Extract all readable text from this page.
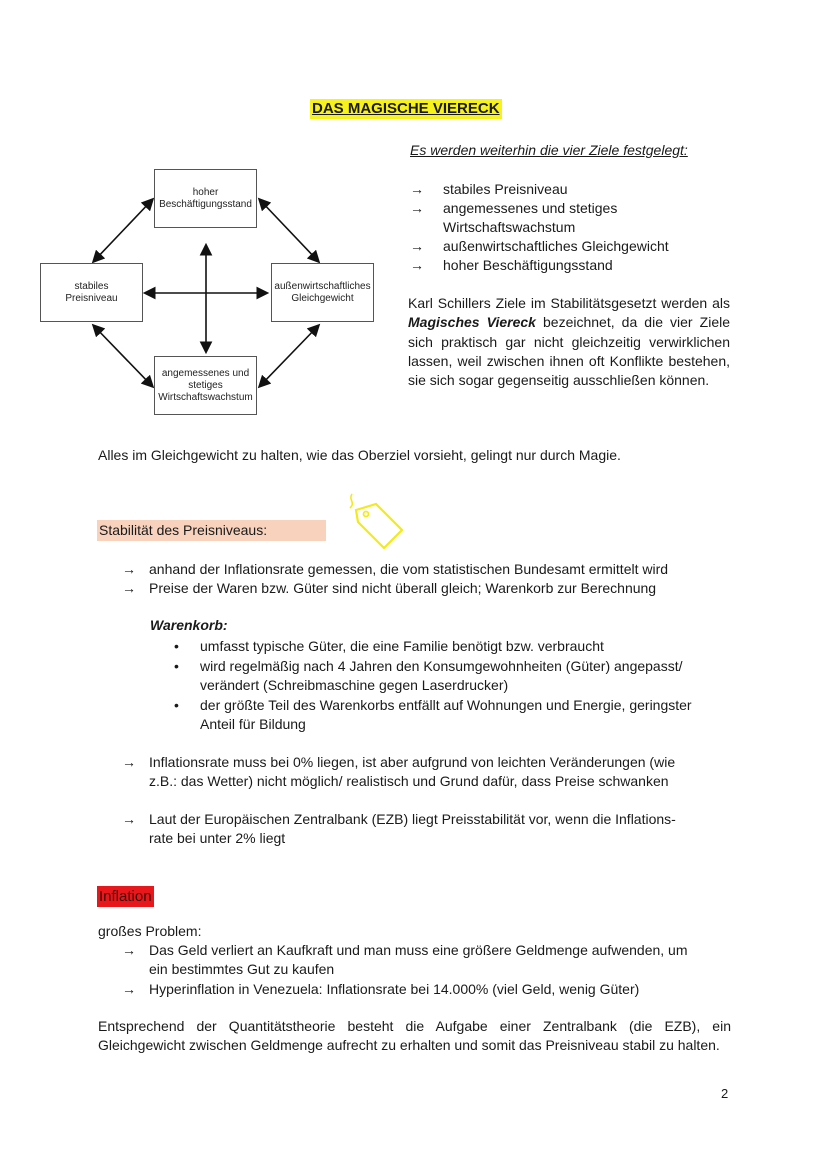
DAS MAGISCHE VIERECK
Es werden weiterhin die vier Ziele festgelegt:
→ stabiles Preisniveau
→ angemessenes und stetiges
Wirtschaftswachstum
→ außenwirtschaftliches Gleichgewicht
→ hoher Beschäftigungsstand
Karl Schillers Ziele im Stabilitätsgesetzt werden als Magisches Viereck bezeichnet, da die vier Ziele sich praktisch gar nicht gleichzeitig verwirklichen lassen, weil zwischen ihnen oft Konflikte bestehen, sie sich sogar gegenseitig ausschließen können.
hoher
Beschäftigungsstand
stabiles
Preisniveau
außenwirtschaftliches
Gleichgewicht
angemessenes und
stetiges
Wirtschaftswachstum
Alles im Gleichgewicht zu halten, wie das Oberziel vorsieht, gelingt nur durch Magie.
Stabilität des Preisniveaus:
→ anhand der Inflationsrate gemessen, die vom statistischen Bundesamt ermittelt wird
→ Preise der Waren bzw. Güter sind nicht überall gleich; Warenkorb zur Berechnung
Warenkorb:
• umfasst typische Güter, die eine Familie benötigt bzw. verbraucht
• wird regelmäßig nach 4 Jahren den Konsumgewohnheiten (Güter) angepasst/
verändert (Schreibmaschine gegen Laserdrucker)
• der größte Teil des Warenkorbs entfällt auf Wohnungen und Energie, geringster
Anteil für Bildung
→ Inflationsrate muss bei 0% liegen, ist aber aufgrund von leichten Veränderungen (wie
z.B.: das Wetter) nicht möglich/ realistisch und Grund dafür, dass Preise schwanken
→ Laut der Europäischen Zentralbank (EZB) liegt Preisstabilität vor, wenn die Inflations-
rate bei unter 2% liegt
Inflation
großes Problem:
→ Das Geld verliert an Kaufkraft und man muss eine größere Geldmenge aufwenden, um
ein bestimmtes Gut zu kaufen
→ Hyperinflation in Venezuela: Inflationsrate bei 14.000% (viel Geld, wenig Güter)
Entsprechend der Quantitätstheorie besteht die Aufgabe einer Zentralbank (die EZB), ein Gleichgewicht zwischen Geldmenge aufrecht zu erhalten und somit das Preisniveau stabil zu halten.
2
